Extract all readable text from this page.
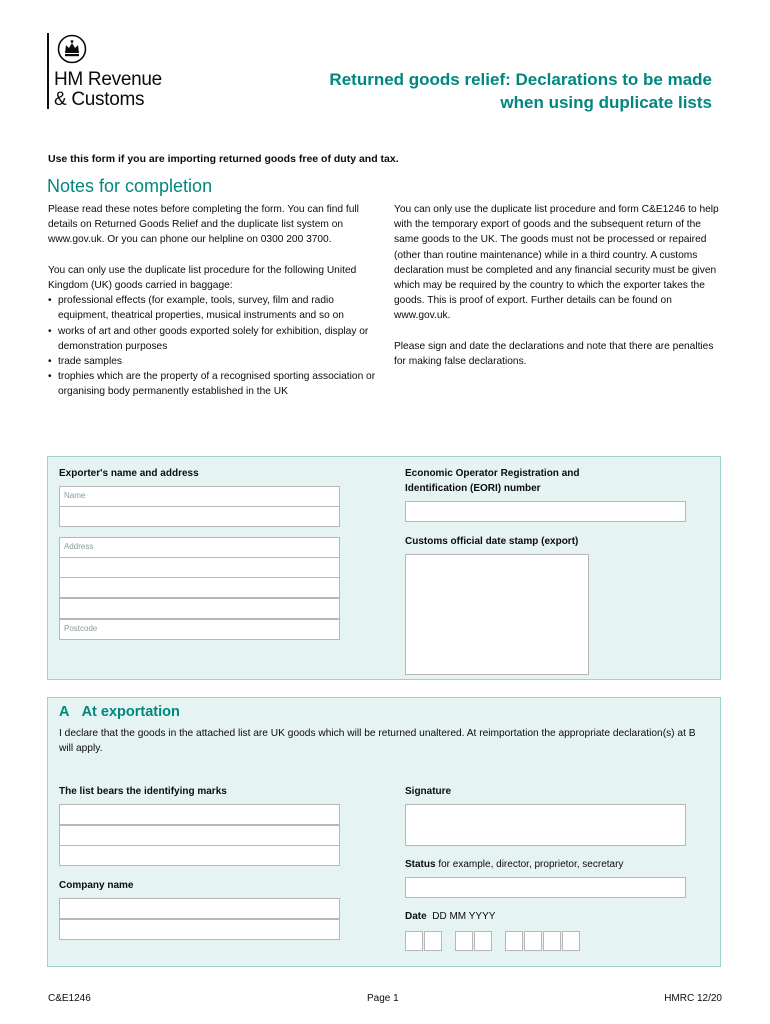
HM Revenue
& Customs
Returned goods relief: Declarations to be made when using duplicate lists
Use this form if you are importing returned goods free of duty and tax.
Notes for completion

Please read these notes before completing the form. You can find full details on Returned Goods Relief and the duplicate list system on www.gov.uk. Or you can phone our helpline on 0300 200 3700.

You can only use the duplicate list procedure for the following United Kingdom (UK) goods carried in baggage:

• professional effects (for example, tools, survey, film and radio equipment, theatrical properties, musical instruments and so on
• works of art and other goods exported solely for exhibition, display or demonstration purposes
• trade samples
• trophies which are the property of a recognised sporting association or organising body permanently established in the UK

You can only use the duplicate list procedure and form C&E1246 to help with the temporary export of goods and the subsequent return of the same goods to the UK. The goods must not be processed or repaired (other than routine maintenance) while in a third country. A customs declaration must be completed and any financial security must be given which may be required by the country to which the exporter takes the goods. This is proof of export. Further details can be found on www.gov.uk.

Please sign and date the declarations and note that there are penalties for making false declarations.

Exporter's name and address
Name
Address
Postcode
Economic Operator Registration and Identification (EORI) number
Customs official date stamp (export)
A At exportation
I declare that the goods in the attached list are UK goods which will be returned unaltered. At reimportation the appropriate declaration(s) at B will apply.
The list bears the identifying marks
Company name
Signature
Status for example, director, proprietor, secretary
Date DD MM YYYY
C&E1246	Page 1	HMRC 12/20
